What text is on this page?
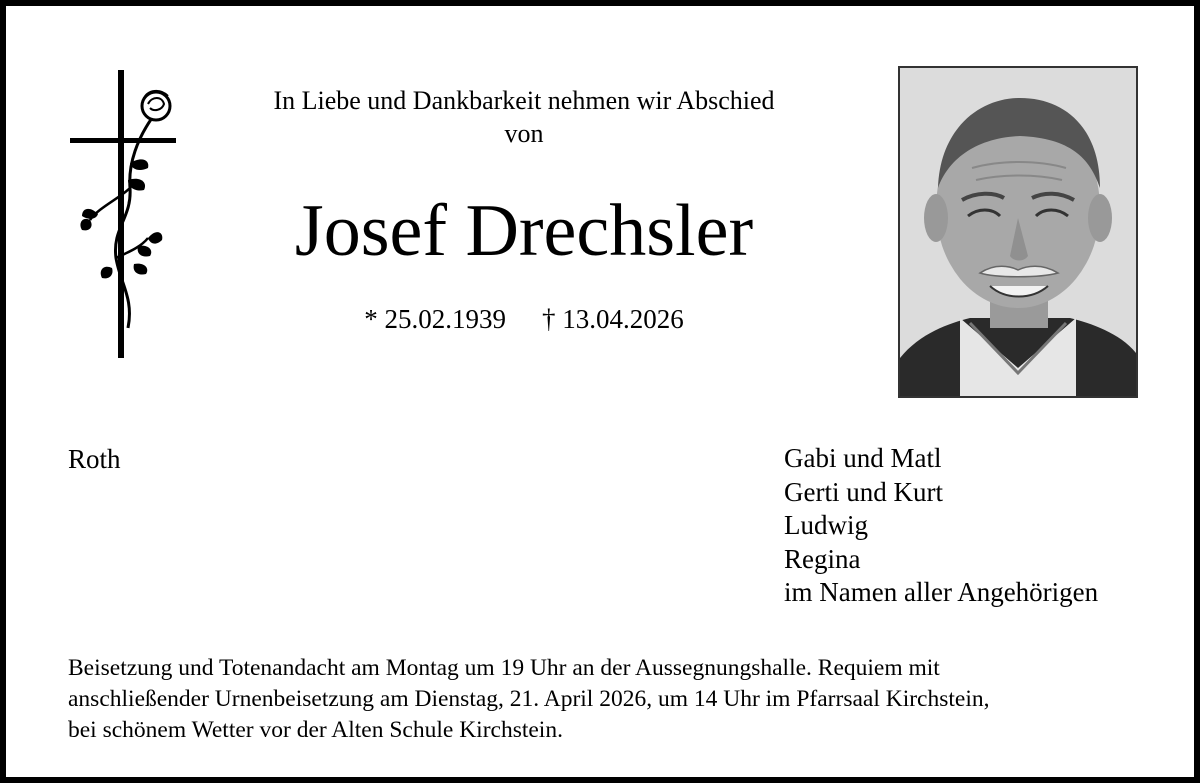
In Liebe und Dankbarkeit nehmen wir Abschied
von
Josef Drechsler
* 25.02.1939 † 13.04.2026
Roth	Gabi und Matl
Gerti und Kurt
Ludwig
Regina
im Namen aller Angehörigen
Beisetzung und Totenandacht am Montag um 19 Uhr an der Aussegnungshalle. Requiem mit
anschließender Urnenbeisetzung am Dienstag, 21. April 2026, um 14 Uhr im Pfarrsaal Kirchstein,
bei schönem Wetter vor der Alten Schule Kirchstein.
